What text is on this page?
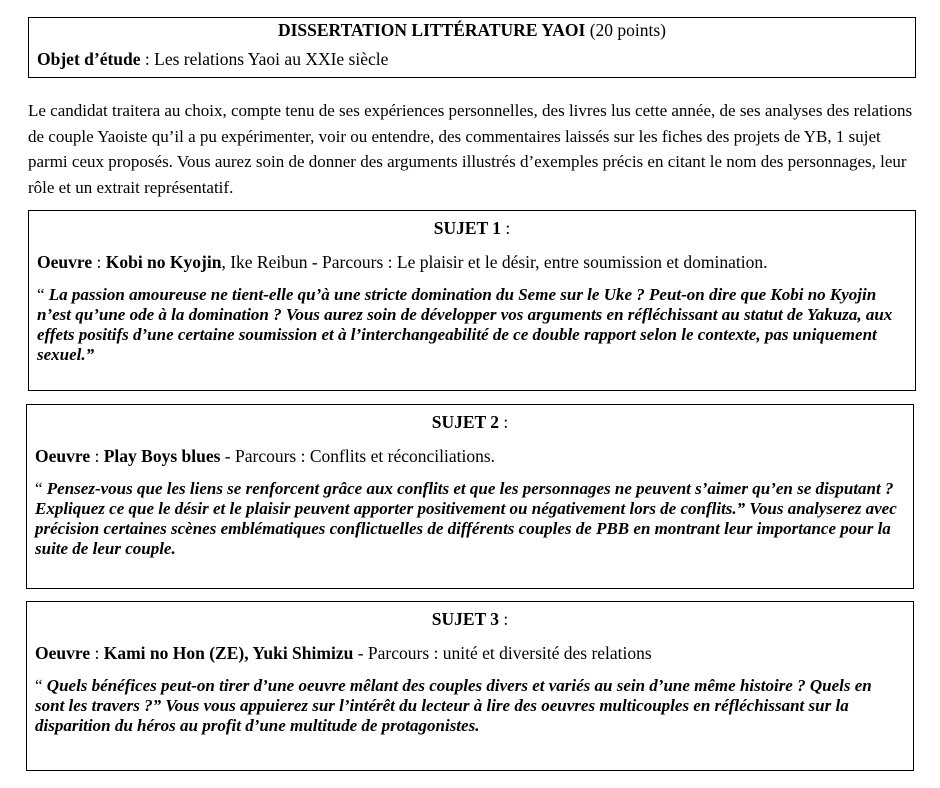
DISSERTATION LITTÉRATURE YAOI (20 points)
Objet d’étude : Les relations Yaoi au XXIe siècle

Le candidat traitera au choix, compte tenu de ses expériences personnelles, des livres lus cette année, de ses analyses des relations de couple Yaoiste qu’il a pu expérimenter, voir ou entendre, des commentaires laissés sur les fiches des projets de YB, 1 sujet parmi ceux proposés. Vous aurez soin de donner des arguments illustrés d’exemples précis en citant le nom des personnages, leur rôle et un extrait représentatif.

SUJET 1 :
Oeuvre : Kobi no Kyojin, Ike Reibun - Parcours : Le plaisir et le désir, entre soumission et domination.
“ La passion amoureuse ne tient-elle qu’à une stricte domination du Seme sur le Uke ? Peut-on dire que Kobi no Kyojin n’est qu’une ode à la domination ? Vous aurez soin de développer vos arguments en réfléchissant au statut de Yakuza, aux effets positifs d’une certaine soumission et à l’interchangeabilité de ce double rapport selon le contexte, pas uniquement sexuel.”
SUJET 2 :
Oeuvre : Play Boys blues - Parcours : Conflits et réconciliations.
“ Pensez-vous que les liens se renforcent grâce aux conflits et que les personnages ne peuvent s’aimer qu’en se disputant ? Expliquez ce que le désir et le plaisir peuvent apporter positivement ou négativement lors de conflits.” Vous analyserez avec précision certaines scènes emblématiques conflictuelles de différents couples de PBB en montrant leur importance pour la suite de leur couple.
SUJET 3 :
Oeuvre : Kami no Hon (ZE), Yuki Shimizu - Parcours : unité et diversité des relations
“ Quels bénéfices peut-on tirer d’une oeuvre mêlant des couples divers et variés au sein d’une même histoire ? Quels en sont les travers ?” Vous vous appuierez sur l’intérêt du lecteur à lire des oeuvres multicouples en réfléchissant sur la disparition du héros au profit d’une multitude de protagonistes.
